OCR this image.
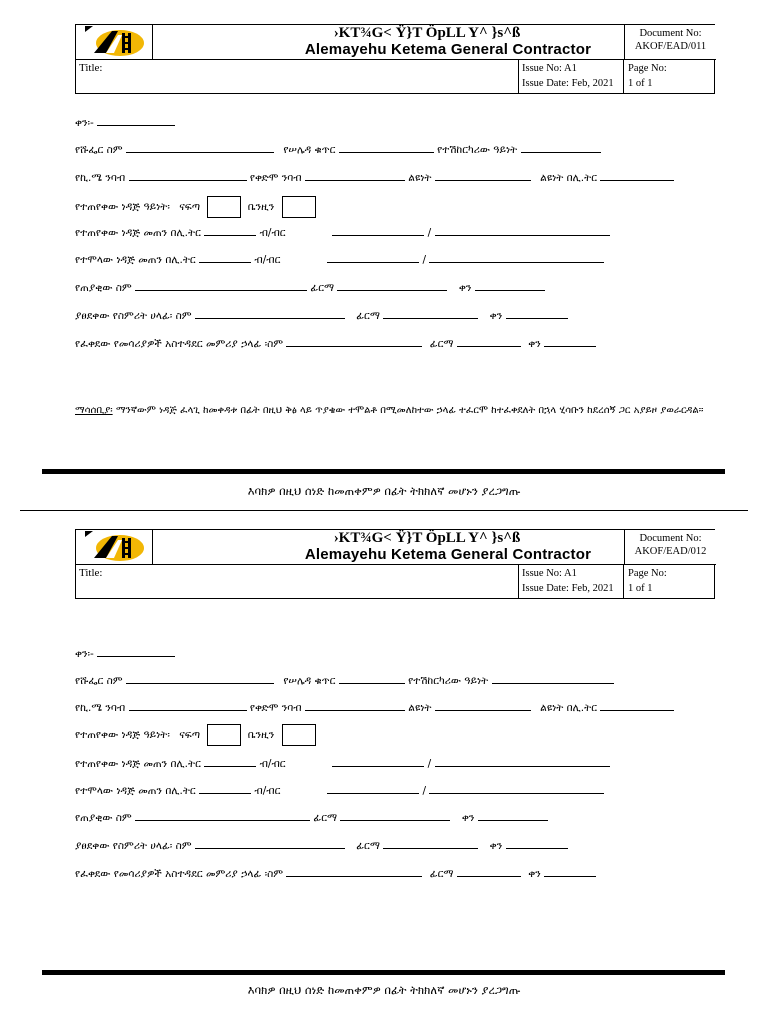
›KT¾G< Ÿ}T ÖpLL Y^ }s^ß
Alemayehu Ketema General Contractor
Document No:
AKOF/EAD/011
Title:	Issue No: A1
Issue Date: Feb, 2021
Page No:
1 of 1
ቀን፡-
የሹፌር ስም	የሠሌዳ ቁጥር	የተሽከርካሪው ዓይነት
የኪ.ሜ ንባብ	የቀድሞ ንባብ	ልዩነት	ልዩነት በሊ.ትር
የተጠየቀው ነዳጅ ዓይነት፡ ናፍጣ	ቤንዚን
የተጠየቀው ነዳጅ መጠን በሊ.ትር	ብ/ብር	/
የተሞላው ነዳጅ መጠን በሊ.ትር	ብ/ብር	/
የጠያቂው ስም	ፊርማ	ቀን
ያፀደቀው የስምሪት ሀላፊ፡ ስም	ፊርማ	ቀን
የፈቀደው የመሳሪያዎች አስተዳደር መምሪያ ኃላፊ ፡ስም	ፊርማ	ቀን
ማሳሰቢያ፡ ማንኛውም ነዳጅ ፈላጊ ከመቀዳቱ በፊት በዚህ ቅፅ ላይ ጥያቄው ተሞልቶ በሚመለከተው ኃላፊ ተፈርሞ ከተፈቀደለት በኋላ ሂሳቡን ከደረሰኝ ጋር አያይዞ ያወራርዳል።
እባክዎ በዚህ ሰነድ ከመጠቀምዎ በፊት ትክክለኛ መሆኑን ያረጋግጡ
›KT¾G< Ÿ}T ÖpLL Y^ }s^ß
Alemayehu Ketema General Contractor
Document No:
AKOF/EAD/012
Title:	Issue No: A1
Issue Date: Feb, 2021
Page No:
1 of 1
ቀን፡-
የሹፌር ስም	የሠሌዳ ቁጥር	የተሽከርካሪው ዓይነት
የኪ.ሜ ንባብ	የቀድሞ ንባብ	ልዩነት	ልዩነት በሊ.ትር
የተጠየቀው ነዳጅ ዓይነት፡ ናፍጣ	ቤንዚን
የተጠየቀው ነዳጅ መጠን በሊ.ትር	ብ/ብር	/
የተሞላው ነዳጅ መጠን በሊ.ትር	ብ/ብር	/
የጠያቂው ስም	ፊርማ	ቀን
ያፀደቀው የስምሪት ሀላፊ፡ ስም	ፊርማ	ቀን
የፈቀደው የመሳሪያዎች አስተዳደር መምሪያ ኃላፊ ፡ስም	ፊርማ	ቀን
እባክዎ በዚህ ሰነድ ከመጠቀምዎ በፊት ትክክለኛ መሆኑን ያረጋግጡ
